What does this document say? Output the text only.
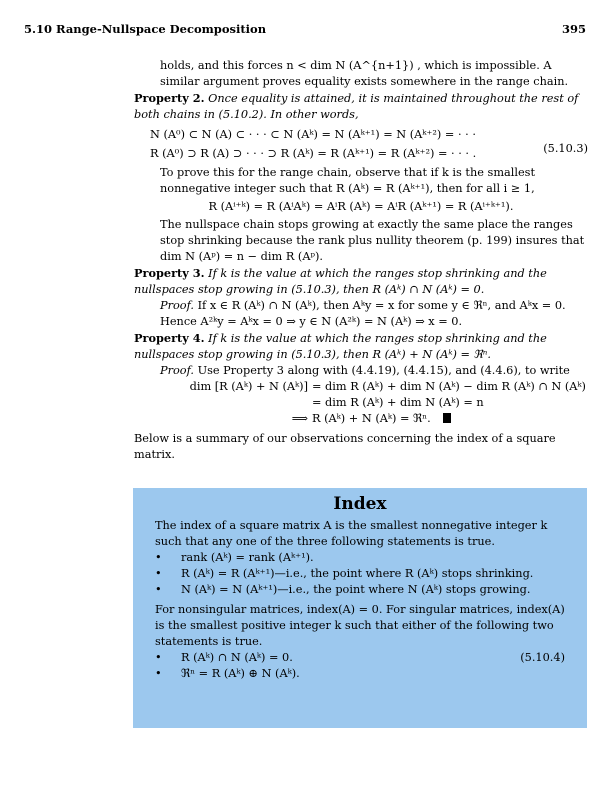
5.10 Range-Nullspace Decomposition	395
holds, and this forces n < dim N (A^{n+1}) , which is impossible. A similar argument proves equality exists somewhere in the range chain.
Property 2. Once equality is attained, it is maintained throughout the rest of both chains in (5.10.2). In other words,
N (A⁰) ⊂ N (A) ⊂ · · · ⊂ N (Aᵏ) = N (Aᵏ⁺¹) = N (Aᵏ⁺²) = · · ·
R (A⁰) ⊃ R (A) ⊃ · · · ⊃ R (Aᵏ) = R (Aᵏ⁺¹) = R (Aᵏ⁺²) = · · · .	(5.10.3)
To prove this for the range chain, observe that if k is the smallest nonnegative integer such that R (Aᵏ) = R (Aᵏ⁺¹), then for all i ≥ 1,
R (Aⁱ⁺ᵏ) = R (AⁱAᵏ) = AⁱR (Aᵏ) = AⁱR (Aᵏ⁺¹) = R (Aⁱ⁺ᵏ⁺¹).
The nullspace chain stops growing at exactly the same place the ranges stop shrinking because the rank plus nullity theorem (p. 199) insures that dim N (Aᵖ) = n − dim R (Aᵖ).
Property 3. If k is the value at which the ranges stop shrinking and the nullspaces stop growing in (5.10.3), then R (Aᵏ) ∩ N (Aᵏ) = 0.
Proof. If x ∈ R (Aᵏ) ∩ N (Aᵏ), then Aᵏy = x for some y ∈ ℜⁿ, and Aᵏx = 0. Hence A²ᵏy = Aᵏx = 0 ⇒ y ∈ N (A²ᵏ) = N (Aᵏ) ⇒ x = 0.
Property 4. If k is the value at which the ranges stop shrinking and the nullspaces stop growing in (5.10.3), then R (Aᵏ) + N (Aᵏ) = ℜⁿ.
Proof. Use Property 3 along with (4.4.19), (4.4.15), and (4.4.6), to write
dim [R (Aᵏ) + N (Aᵏ)] = dim R (Aᵏ) + dim N (Aᵏ) − dim R (Aᵏ) ∩ N (Aᵏ)
= dim R (Aᵏ) + dim N (Aᵏ) = n
⟹ R (Aᵏ) + N (Aᵏ) = ℜⁿ.
Below is a summary of our observations concerning the index of a square matrix.
Index
The index of a square matrix A is the smallest nonnegative integer k such that any one of the three following statements is true.
• rank (Aᵏ) = rank (Aᵏ⁺¹).
• R (Aᵏ) = R (Aᵏ⁺¹)—i.e., the point where R (Aᵏ) stops shrinking.
• N (Aᵏ) = N (Aᵏ⁺¹)—i.e., the point where N (Aᵏ) stops growing.
For nonsingular matrices, index(A) = 0. For singular matrices, index(A) is the smallest positive integer k such that either of the following two statements is true.
• R (Aᵏ) ∩ N (Aᵏ) = 0.	(5.10.4)
• ℜⁿ = R (Aᵏ) ⊕ N (Aᵏ).
